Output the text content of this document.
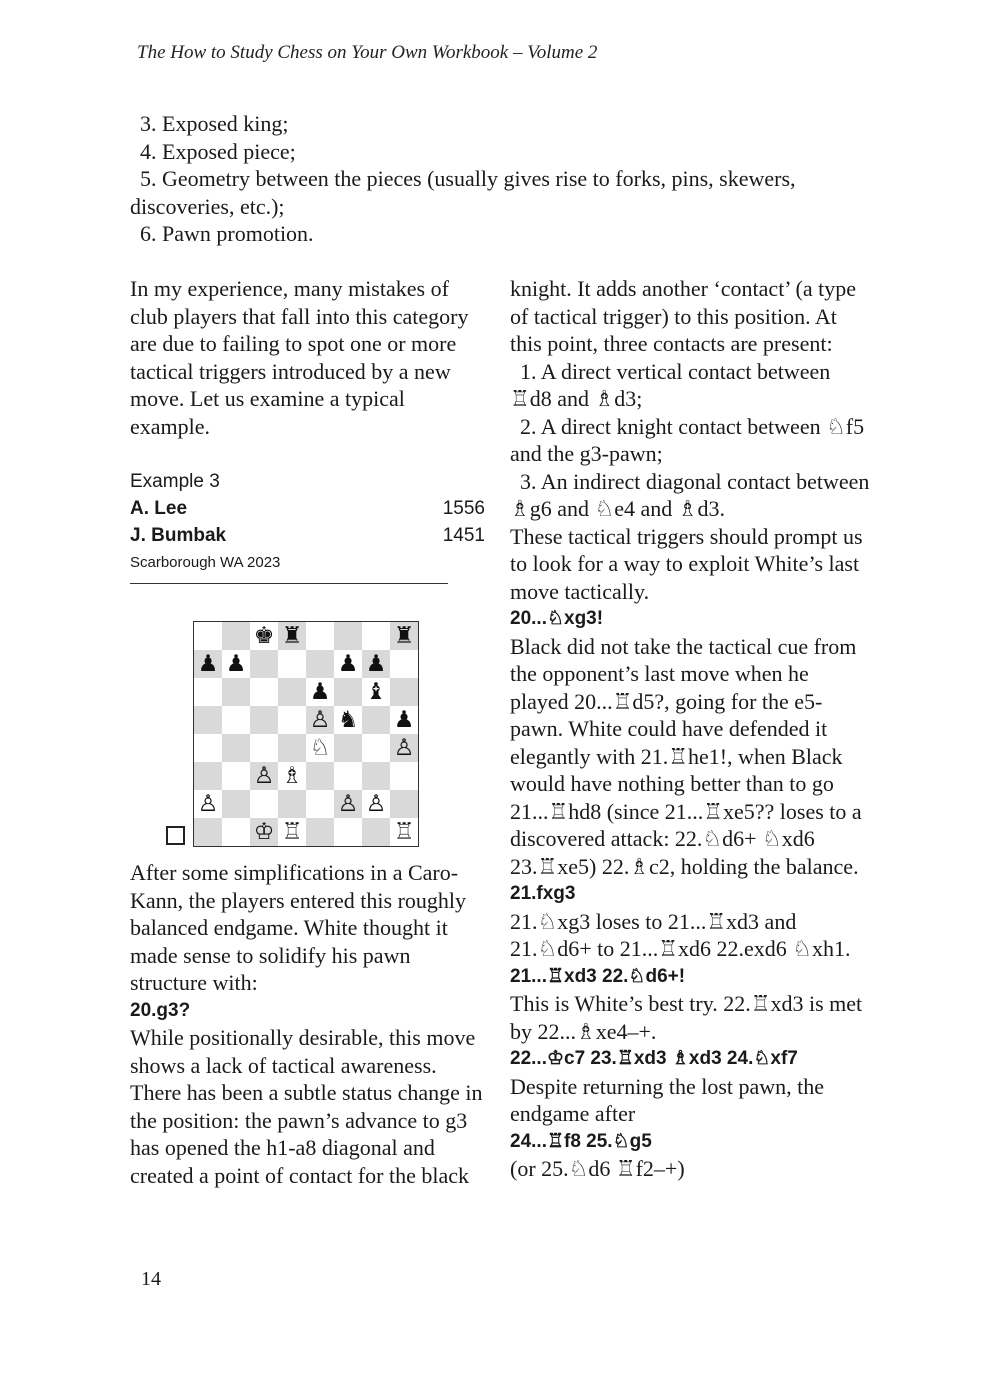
The How to Study Chess on Your Own Workbook – Volume 2
3. Exposed king;
4. Exposed piece;
5. Geometry between the pieces (usually gives rise to forks, pins, skewers, discoveries, etc.);
6. Pawn promotion.

In my experience, many mistakes of club players that fall into this category are due to failing to spot one or more tactical triggers introduced by a new move. Let us examine a typical example.

Example 3
A. Lee	1556
J. Bumbak	1451
Scarborough WA 2023
♚ ♜	♜
♟ ♟	♟ ♟
♟ ♝
♙ ♞ ♟
♘	♙
♙ ♗
♙	♙ ♙
♔ ♖	♖

After some simplifications in a Caro-Kann, the players entered this roughly balanced endgame. White thought it made sense to solidify his pawn structure with:

20.g3?

While positionally desirable, this move shows a lack of tactical awareness. There has been a subtle status change in the position: the pawn’s advance to g3 has opened the h1-a8 diagonal and created a point of contact for the black

knight. It adds another ‘contact’ (a type of tactical trigger) to this position. At this point, three contacts are present:

1. A direct vertical contact between ♖d8 and ♗d3;

2. A direct knight contact between ♘f5 and the g3-pawn;

3. An indirect diagonal contact between ♗g6 and ♘e4 and ♗d3.

These tactical triggers should prompt us to look for a way to exploit White’s last move tactically.

20...♘xg3!

Black did not take the tactical cue from the opponent’s last move when he played 20...♖d5?, going for the e5-pawn. White could have defended it elegantly with 21.♖he1!, when Black would have nothing better than to go 21...♖hd8 (since 21...♖xe5?? loses to a discovered attack: 22.♘d6+ ♘xd6 23.♖xe5) 22.♗c2, holding the balance.

21.fxg3

21.♘xg3 loses to 21...♖xd3 and 21.♘d6+ to 21...♖xd6 22.exd6 ♘xh1.

21...♖xd3 22.♘d6+!

This is White’s best try. 22.♖xd3 is met by 22...♗xe4–+.

22...♔c7 23.♖xd3 ♗xd3 24.♘xf7

Despite returning the lost pawn, the endgame after

24...♖f8 25.♘g5

(or 25.♘d6 ♖f2–+)

14
